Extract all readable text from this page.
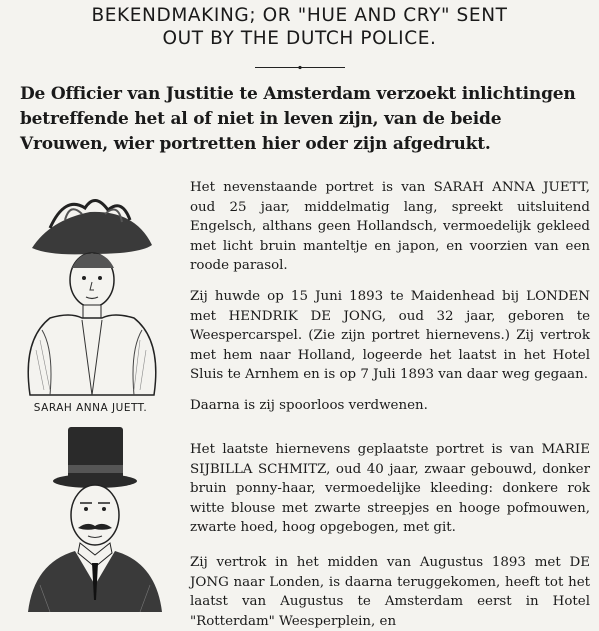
BEKENDMAKING; OR "HUE AND CRY" SENT
OUT BY THE DUTCH POLICE.

De Officier van Justitie te Amsterdam verzoekt inlichtingen betreffende het al of niet in leven zijn, van de beide Vrouwen, wier portretten hier oder zijn afgedrukt.

SARAH ANNA JUETT.

Het nevenstaande portret is van SARAH ANNA JUETT, oud 25 jaar, middelmatig lang, spreekt uitsluitend Engelsch, althans geen Hollandsch, vermoedelijk gekleed met licht bruin manteltje en japon, en voorzien van een roode parasol.

Zij huwde op 15 Juni 1893 te Maidenhead bij LONDEN met HENDRIK DE JONG, oud 32 jaar, geboren te Weespercarspel. (Zie zijn portret hiernevens.) Zij vertrok met hem naar Holland, logeerde het laatst in het Hotel Sluis te Arnhem en is op 7 Juli 1893 van daar weg gegaan.

Daarna is zij spoorloos verdwenen.

Het laatste hiernevens geplaatste portret is van MARIE SIJBILLA SCHMITZ, oud 40 jaar, zwaar gebouwd, donker bruin ponny-haar, vermoedelijke kleeding: donkere rok witte blouse met zwarte streepjes en hooge pofmouwen, zwarte hoed, hoog opgebogen, met git.

Zij vertrok in het midden van Augustus 1893 met DE JONG naar Londen, is daarna teruggekomen, heeft tot het laatst van Augustus te Amsterdam eerst in Hotel "Rotterdam" Weesperplein, en
